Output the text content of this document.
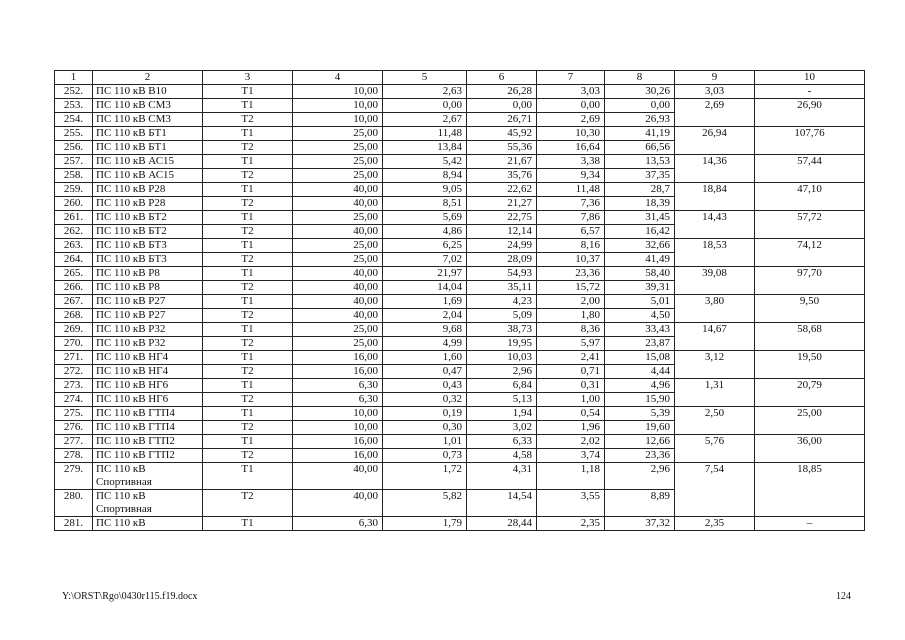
1	2	3	4	5	6	7	8	9	10
252.	ПС 110 кВ В10	Т1	10,00	2,63	26,28	3,03	30,26	3,03	-
253.	ПС 110 кВ СМ3	Т1	10,00	0,00	0,00	0,00	0,00	2,69	26,90
254.	ПС 110 кВ СМ3	Т2	10,00	2,67	26,71	2,69	26,93		
255.	ПС 110 кВ БТ1	Т1	25,00	11,48	45,92	10,30	41,19	26,94	107,76
256.	ПС 110 кВ БТ1	Т2	25,00	13,84	55,36	16,64	66,56		
257.	ПС 110 кВ АС15	Т1	25,00	5,42	21,67	3,38	13,53	14,36	57,44
258.	ПС 110 кВ АС15	Т2	25,00	8,94	35,76	9,34	37,35		
259.	ПС 110 кВ Р28	Т1	40,00	9,05	22,62	11,48	28,7	18,84	47,10
260.	ПС 110 кВ Р28	Т2	40,00	8,51	21,27	7,36	18,39		
261.	ПС 110 кВ БТ2	Т1	25,00	5,69	22,75	7,86	31,45	14,43	57,72
262.	ПС 110 кВ БТ2	Т2	40,00	4,86	12,14	6,57	16,42		
263.	ПС 110 кВ БТ3	Т1	25,00	6,25	24,99	8,16	32,66	18,53	74,12
264.	ПС 110 кВ БТ3	Т2	25,00	7,02	28,09	10,37	41,49		
265.	ПС 110 кВ Р8	Т1	40,00	21,97	54,93	23,36	58,40	39,08	97,70
266.	ПС 110 кВ Р8	Т2	40,00	14,04	35,11	15,72	39,31		
267.	ПС 110 кВ Р27	Т1	40,00	1,69	4,23	2,00	5,01	3,80	9,50
268.	ПС 110 кВ Р27	Т2	40,00	2,04	5,09	1,80	4,50		
269.	ПС 110 кВ Р32	Т1	25,00	9,68	38,73	8,36	33,43	14,67	58,68
270.	ПС 110 кВ Р32	Т2	25,00	4,99	19,95	5,97	23,87		
271.	ПС 110 кВ НГ4	Т1	16,00	1,60	10,03	2,41	15,08	3,12	19,50
272.	ПС 110 кВ НГ4	Т2	16,00	0,47	2,96	0,71	4,44		
273.	ПС 110 кВ НГ6	Т1	6,30	0,43	6,84	0,31	4,96	1,31	20,79
274.	ПС 110 кВ НГ6	Т2	6,30	0,32	5,13	1,00	15,90		
275.	ПС 110 кВ ГТП4	Т1	10,00	0,19	1,94	0,54	5,39	2,50	25,00
276.	ПС 110 кВ ГТП4	Т2	10,00	0,30	3,02	1,96	19,60		
277.	ПС 110 кВ ГТП2	Т1	16,00	1,01	6,33	2,02	12,66	5,76	36,00
278.	ПС 110 кВ ГТП2	Т2	16,00	0,73	4,58	3,74	23,36		
279.	ПС 110 кВ Спортивная	Т1	40,00	1,72	4,31	1,18	2,96	7,54	18,85
280.	ПС 110 кВ Спортивная	Т2	40,00	5,82	14,54	3,55	8,89		
281.	ПС 110 кВ	Т1	6,30	1,79	28,44	2,35	37,32	2,35	–
Y:\ORST\Rgo\0430r115.f19.docx	124
